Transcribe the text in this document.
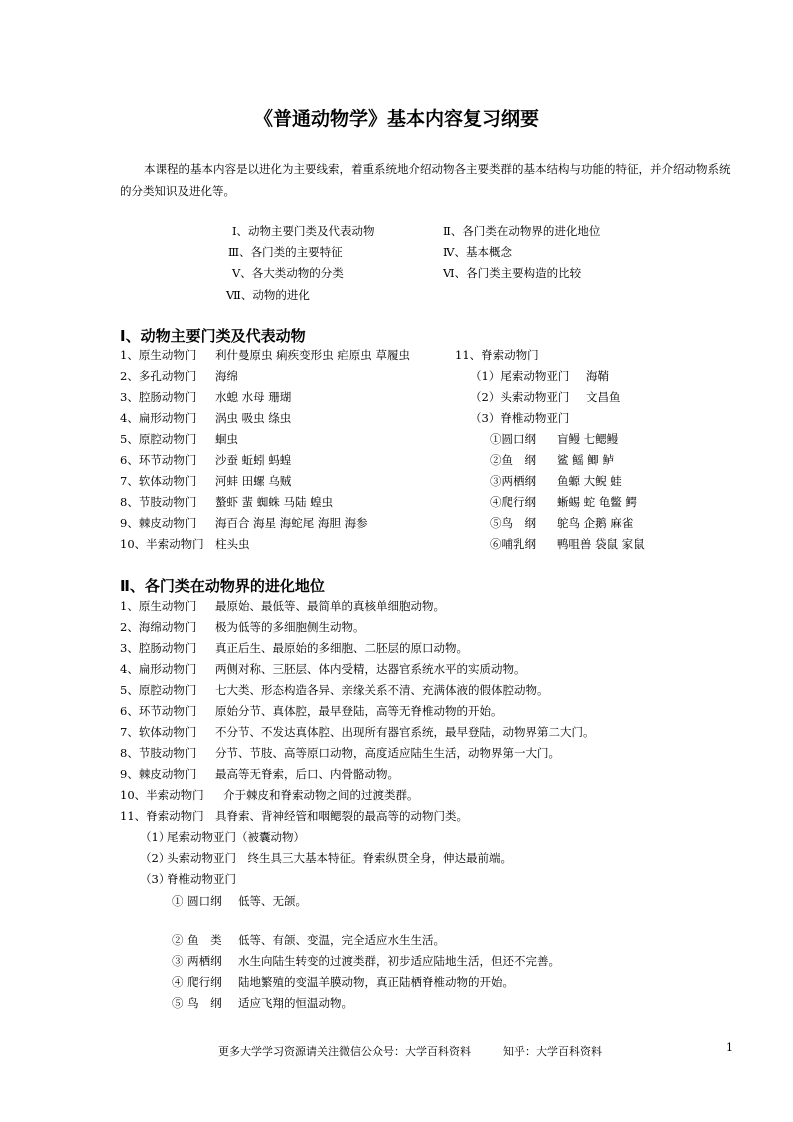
《普通动物学》基本内容复习纲要
本课程的基本内容是以进化为主要线索，着重系统地介绍动物各主要类群的基本结构与功能的特征，并介绍动物系统的分类知识及进化等。
Ⅰ、动物主要门类及代表动物
Ⅲ、各门类的主要特征
Ⅴ、各大类动物的分类
Ⅶ、动物的进化
Ⅱ、各门类在动物界的进化地位
Ⅳ、基本概念
Ⅵ、各门类主要构造的比较
Ⅰ、动物主要门类及代表动物
1、原生动物门 利什曼原虫 痢疾变形虫 疟原虫 草履虫
2、多孔动物门 海绵
3、腔肠动物门 水螅 水母 珊瑚
4、扁形动物门 涡虫 吸虫 绦虫
5、原腔动物门 蛔虫
6、环节动物门 沙蚕 蚯蚓 蚂蝗
7、软体动物门 河蚌 田螺 乌贼
8、节肢动物门 螯虾 蜚 蜘蛛 马陆 蝗虫
9、棘皮动物门 海百合 海星 海蛇尾 海胆 海参
10、半索动物门 柱头虫
11、脊索动物门
（1）尾索动物亚门 海鞘
（2）头索动物亚门 文昌鱼
（3）脊椎动物亚门
①圆口纲 盲鳗 七鳃鳗
②鱼　纲 鲨 鳐 鲫 鲈
③两栖纲 鱼螈 大鲵 蛙
④爬行纲 蜥蜴 蛇 龟鳖 鳄
⑤鸟　纲 鸵鸟 企鹅 麻雀
⑥哺乳纲 鸭咀兽 袋鼠 家鼠
Ⅱ、各门类在动物界的进化地位
1、原生动物门 最原始、最低等、最简单的真核单细胞动物。
2、海绵动物门 极为低等的多细胞侧生动物。
3、腔肠动物门 真正后生、最原始的多细胞、二胚层的原口动物。
4、扁形动物门 两侧对称、三胚层、体内受精，达器官系统水平的实质动物。
5、原腔动物门 七大类、形态构造各异、亲缘关系不清、充满体液的假体腔动物。
6、环节动物门 原始分节、真体腔，最早登陆，高等无脊椎动物的开始。
7、软体动物门 不分节、不发达真体腔、出现所有器官系统，最早登陆，动物界第二大门。
8、节肢动物门 分节、节肢、高等原口动物，高度适应陆生生活，动物界第一大门。
9、棘皮动物门 最高等无脊索，后口、内骨骼动物。
10、半索动物门 介于棘皮和脊索动物之间的过渡类群。
11、脊索动物门 具脊索、背神经管和咽鳃裂的最高等的动物门类。
（1）
尾索动物亚门（被囊动物）
（2）
头索动物亚门　终生具三大基本特征。脊索纵贯全身，伸达最前端。
（3）
脊椎动物亚门
① 圆口纲 低等、无颌。
② 鱼　类 低等、有颌、变温，完全适应水生生活。
③ 两栖纲 水生向陆生转变的过渡类群，初步适应陆地生活，但还不完善。
④ 爬行纲 陆地繁殖的变温羊膜动物，真正陆栖脊椎动物的开始。
⑤ 鸟　纲 适应飞翔的恒温动物。
更多大学学习资源请关注微信公众号：大学百科资料	知乎：大学百科资料	1
